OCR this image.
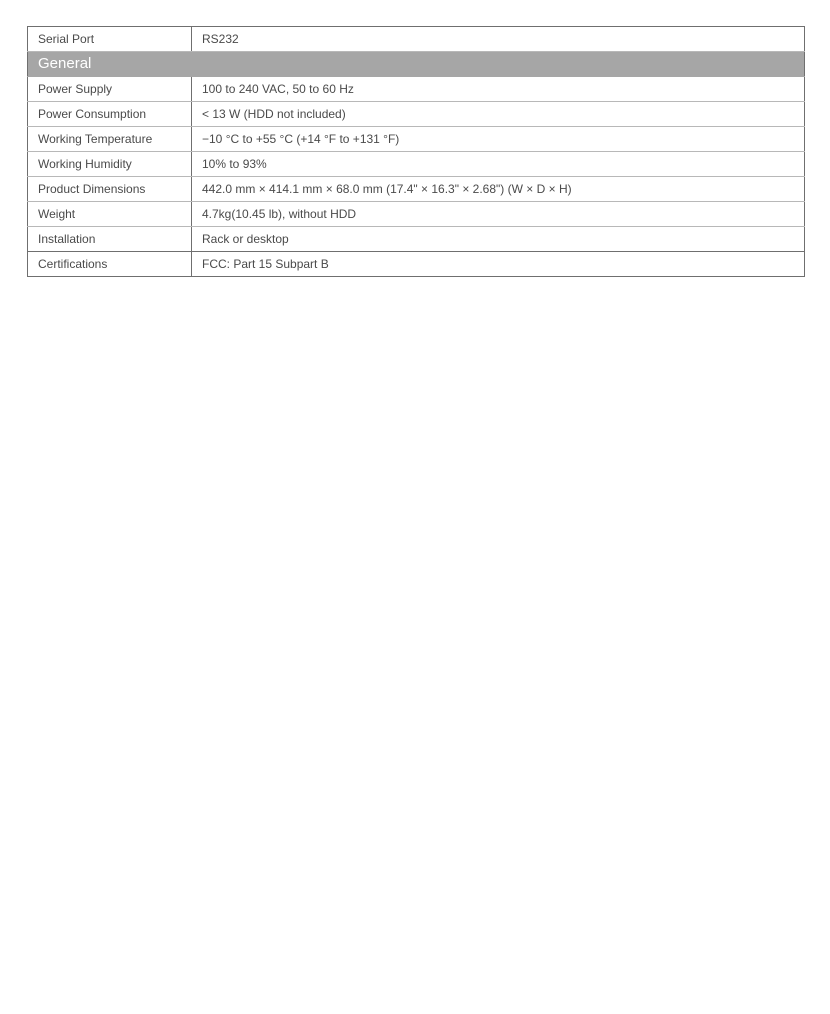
Serial Port	RS232
General	
Power Supply	100 to 240 VAC, 50 to 60 Hz
Power Consumption	< 13 W (HDD not included)
Working Temperature	−10 °C to +55 °C (+14 °F to +131 °F)
Working Humidity	10% to 93%
Product Dimensions	442.0 mm × 414.1 mm × 68.0 mm (17.4" × 16.3" × 2.68") (W × D × H)
Weight	4.7kg(10.45 lb), without HDD
Installation	Rack or desktop
Certifications	FCC: Part 15 Subpart B
